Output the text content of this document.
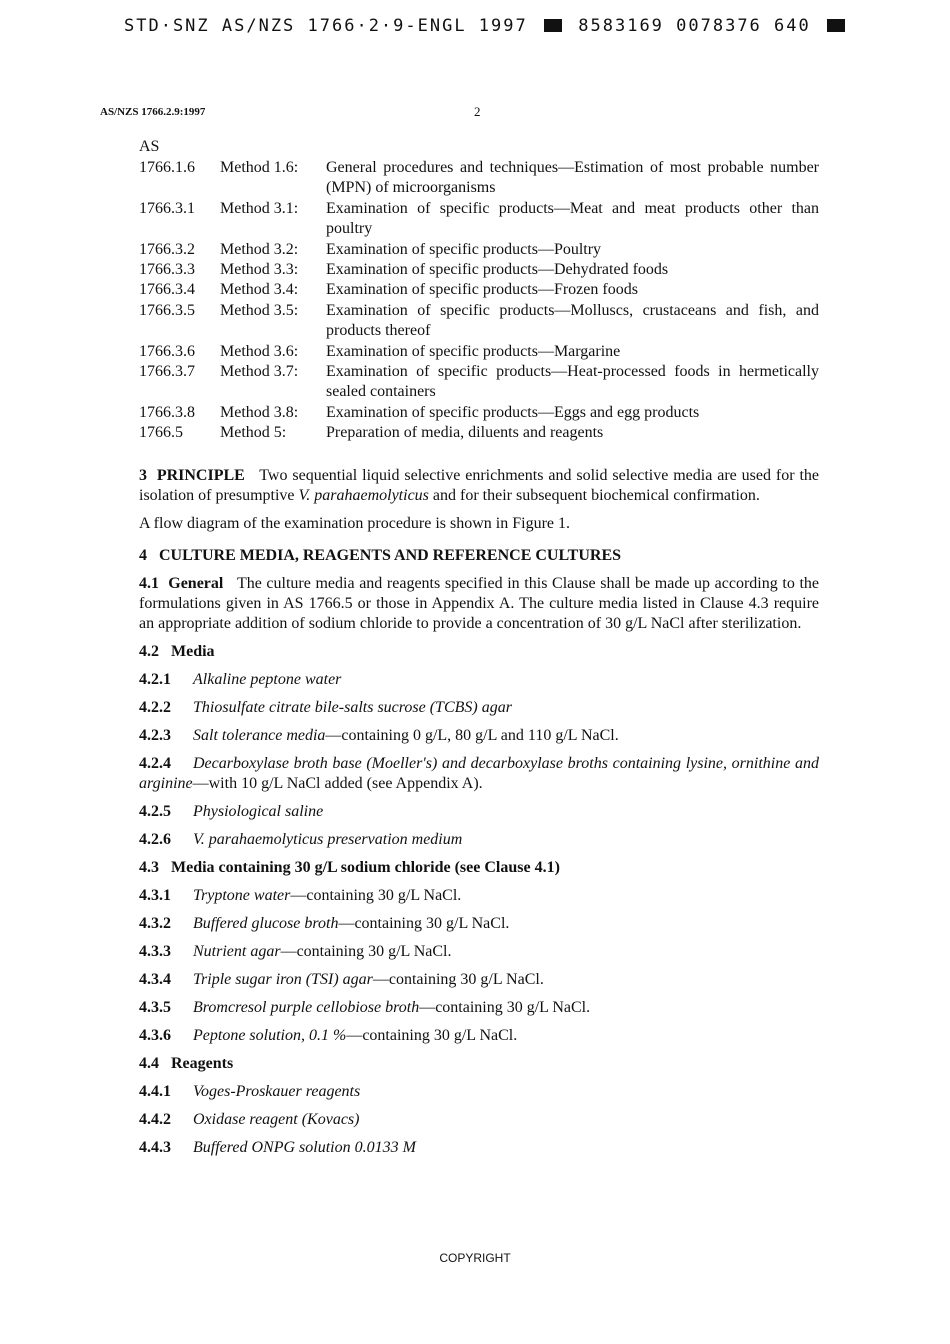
STD·SNZ AS/NZS 1766·2·9-ENGL 1997	8583169 0078376 640
AS/NZS 1766.2.9:1997	2
AS
1766.1.6	Method 1.6:	General procedures and techniques—Estimation of most probable number (MPN) of microorganisms
1766.3.1	Method 3.1:	Examination of specific products—Meat and meat products other than poultry
1766.3.2	Method 3.2:	Examination of specific products—Poultry
1766.3.3	Method 3.3:	Examination of specific products—Dehydrated foods
1766.3.4	Method 3.4:	Examination of specific products—Frozen foods
1766.3.5	Method 3.5:	Examination of specific products—Molluscs, crustaceans and fish, and products thereof
1766.3.6	Method 3.6:	Examination of specific products—Margarine
1766.3.7	Method 3.7:	Examination of specific products—Heat-processed foods in hermetically sealed containers
1766.3.8	Method 3.8:	Examination of specific products—Eggs and egg products
1766.5	Method 5:	Preparation of media, diluents and reagents

3 PRINCIPLE Two sequential liquid selective enrichments and solid selective media are used for the isolation of presumptive V. parahaemolyticus and for their subsequent biochemical confirmation.

A flow diagram of the examination procedure is shown in Figure 1.

4   CULTURE MEDIA, REAGENTS AND REFERENCE CULTURES

4.1 General The culture media and reagents specified in this Clause shall be made up according to the formulations given in AS 1766.5 or those in Appendix A. The culture media listed in Clause 4.3 require an appropriate addition of sodium chloride to provide a concentration of 30 g/L NaCl after sterilization.

4.2 Media

4.2.1 Alkaline peptone water

4.2.2 Thiosulfate citrate bile-salts sucrose (TCBS) agar

4.2.3 Salt tolerance media—containing 0 g/L, 80 g/L and 110 g/L NaCl.

4.2.4 Decarboxylase broth base (Moeller's) and decarboxylase broths containing lysine, ornithine and arginine—with 10 g/L NaCl added (see Appendix A).

4.2.5 Physiological saline

4.2.6 V. parahaemolyticus preservation medium

4.3 Media containing 30 g/L sodium chloride (see Clause 4.1)

4.3.1 Tryptone water—containing 30 g/L NaCl.

4.3.2 Buffered glucose broth—containing 30 g/L NaCl.

4.3.3 Nutrient agar—containing 30 g/L NaCl.

4.3.4 Triple sugar iron (TSI) agar—containing 30 g/L NaCl.

4.3.5 Bromcresol purple cellobiose broth—containing 30 g/L NaCl.

4.3.6 Peptone solution, 0.1 %—containing 30 g/L NaCl.

4.4 Reagents

4.4.1 Voges-Proskauer reagents

4.4.2 Oxidase reagent (Kovacs)

4.4.3 Buffered ONPG solution 0.0133 M

COPYRIGHT
